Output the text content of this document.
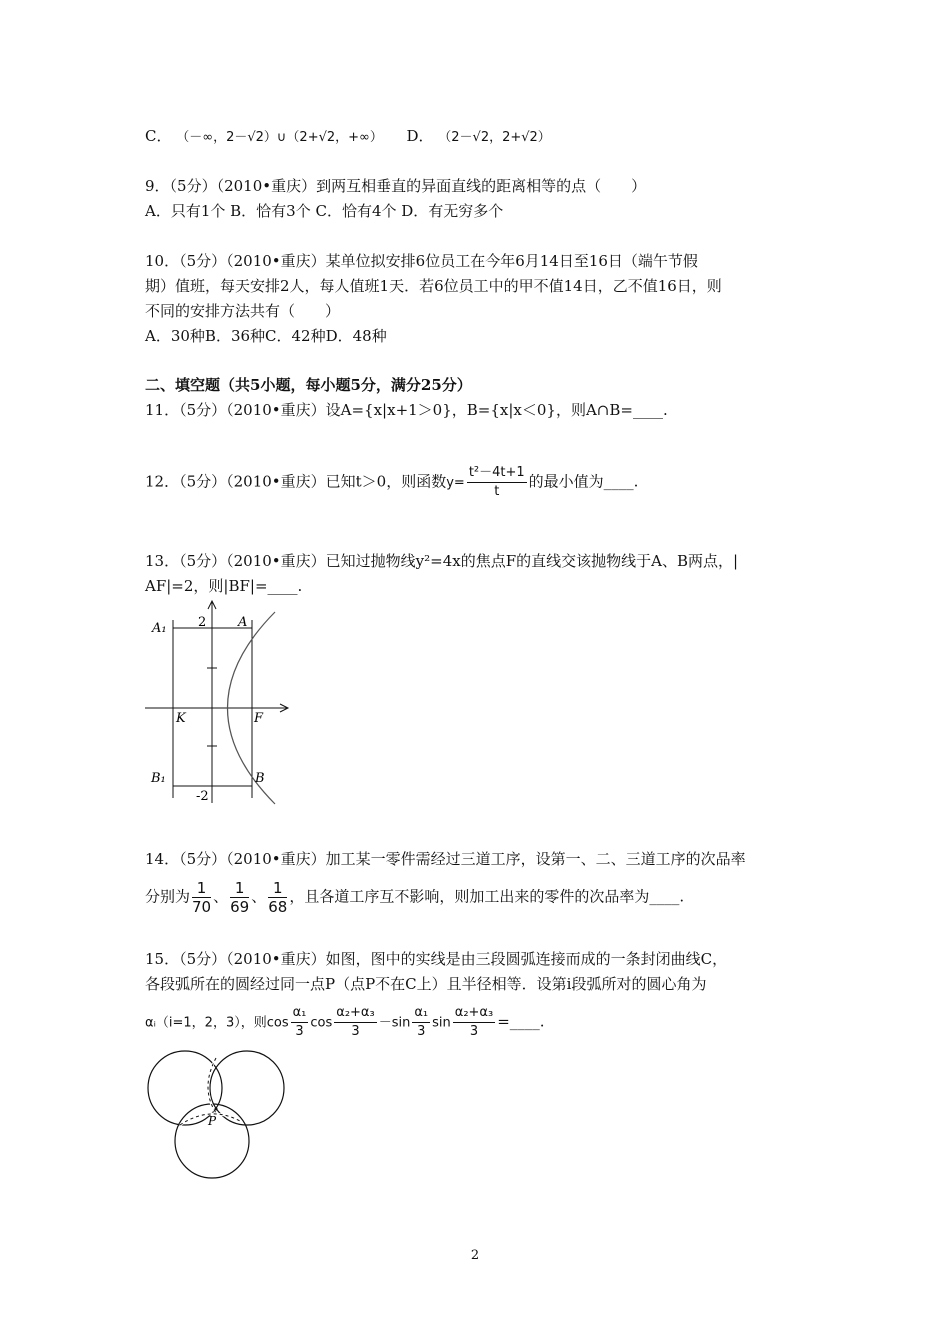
C． （－∞，2－√2）∪（2+√2，+∞） D． （2－√2，2+√2）
9．（5分）（2010•重庆）到两互相垂直的异面直线的距离相等的点（　　）
A．只有1个 B．恰有3个 C．恰有4个 D．有无穷多个
10．（5分）（2010•重庆）某单位拟安排6位员工在今年6月14日至16日（端午节假
期）值班，每天安排2人，每人值班1天．若6位员工中的甲不值14日，乙不值16日，则
不同的安排方法共有（　　）
A．30种B．36种C．42种D．48种
二、填空题（共5小题，每小题5分，满分25分）
11．（5分）（2010•重庆）设A={x|x+1＞0}，B={x|x＜0}，则A∩B=____.
12．（5分）（2010•重庆）已知t＞0，则函数$y= \frac{\text{t²－4t+1}}{t}$ 的最小值为____.
13．（5分）（2010•重庆）已知过抛物线y²=4x的焦点F的直线交该抛物线于A、B两点，|
AF|=2，则|BF|=____.
A₁ 2 A
K	F
B₁	B
-2
14．（5分）（2010•重庆）加工某一零件需经过三道工序，设第一、二、三道工序的次品率
分别为 $\frac{1}{70}$ 、 $\frac{1}{69}$ 、 $\frac{1}{68}$ ，且各道工序互不影响，则加工出来的零件的次品率为____.
15．（5分）（2010•重庆）如图，图中的实线是由三段圆弧连接而成的一条封闭曲线C，
各段弧所在的圆经过同一点P（点P不在C上）且半径相等．设第i段弧所对的圆心角为
αᵢ（i=1，2，3），则$\cos \frac{\text{α₁}}{3}$ $\cos \frac{\text{α₂+α₃}}{3} -\sin \frac{\text{α₁}}{3}$ $\sin \frac{\text{α₂+α₃}}{3}$ =____.
P
2
